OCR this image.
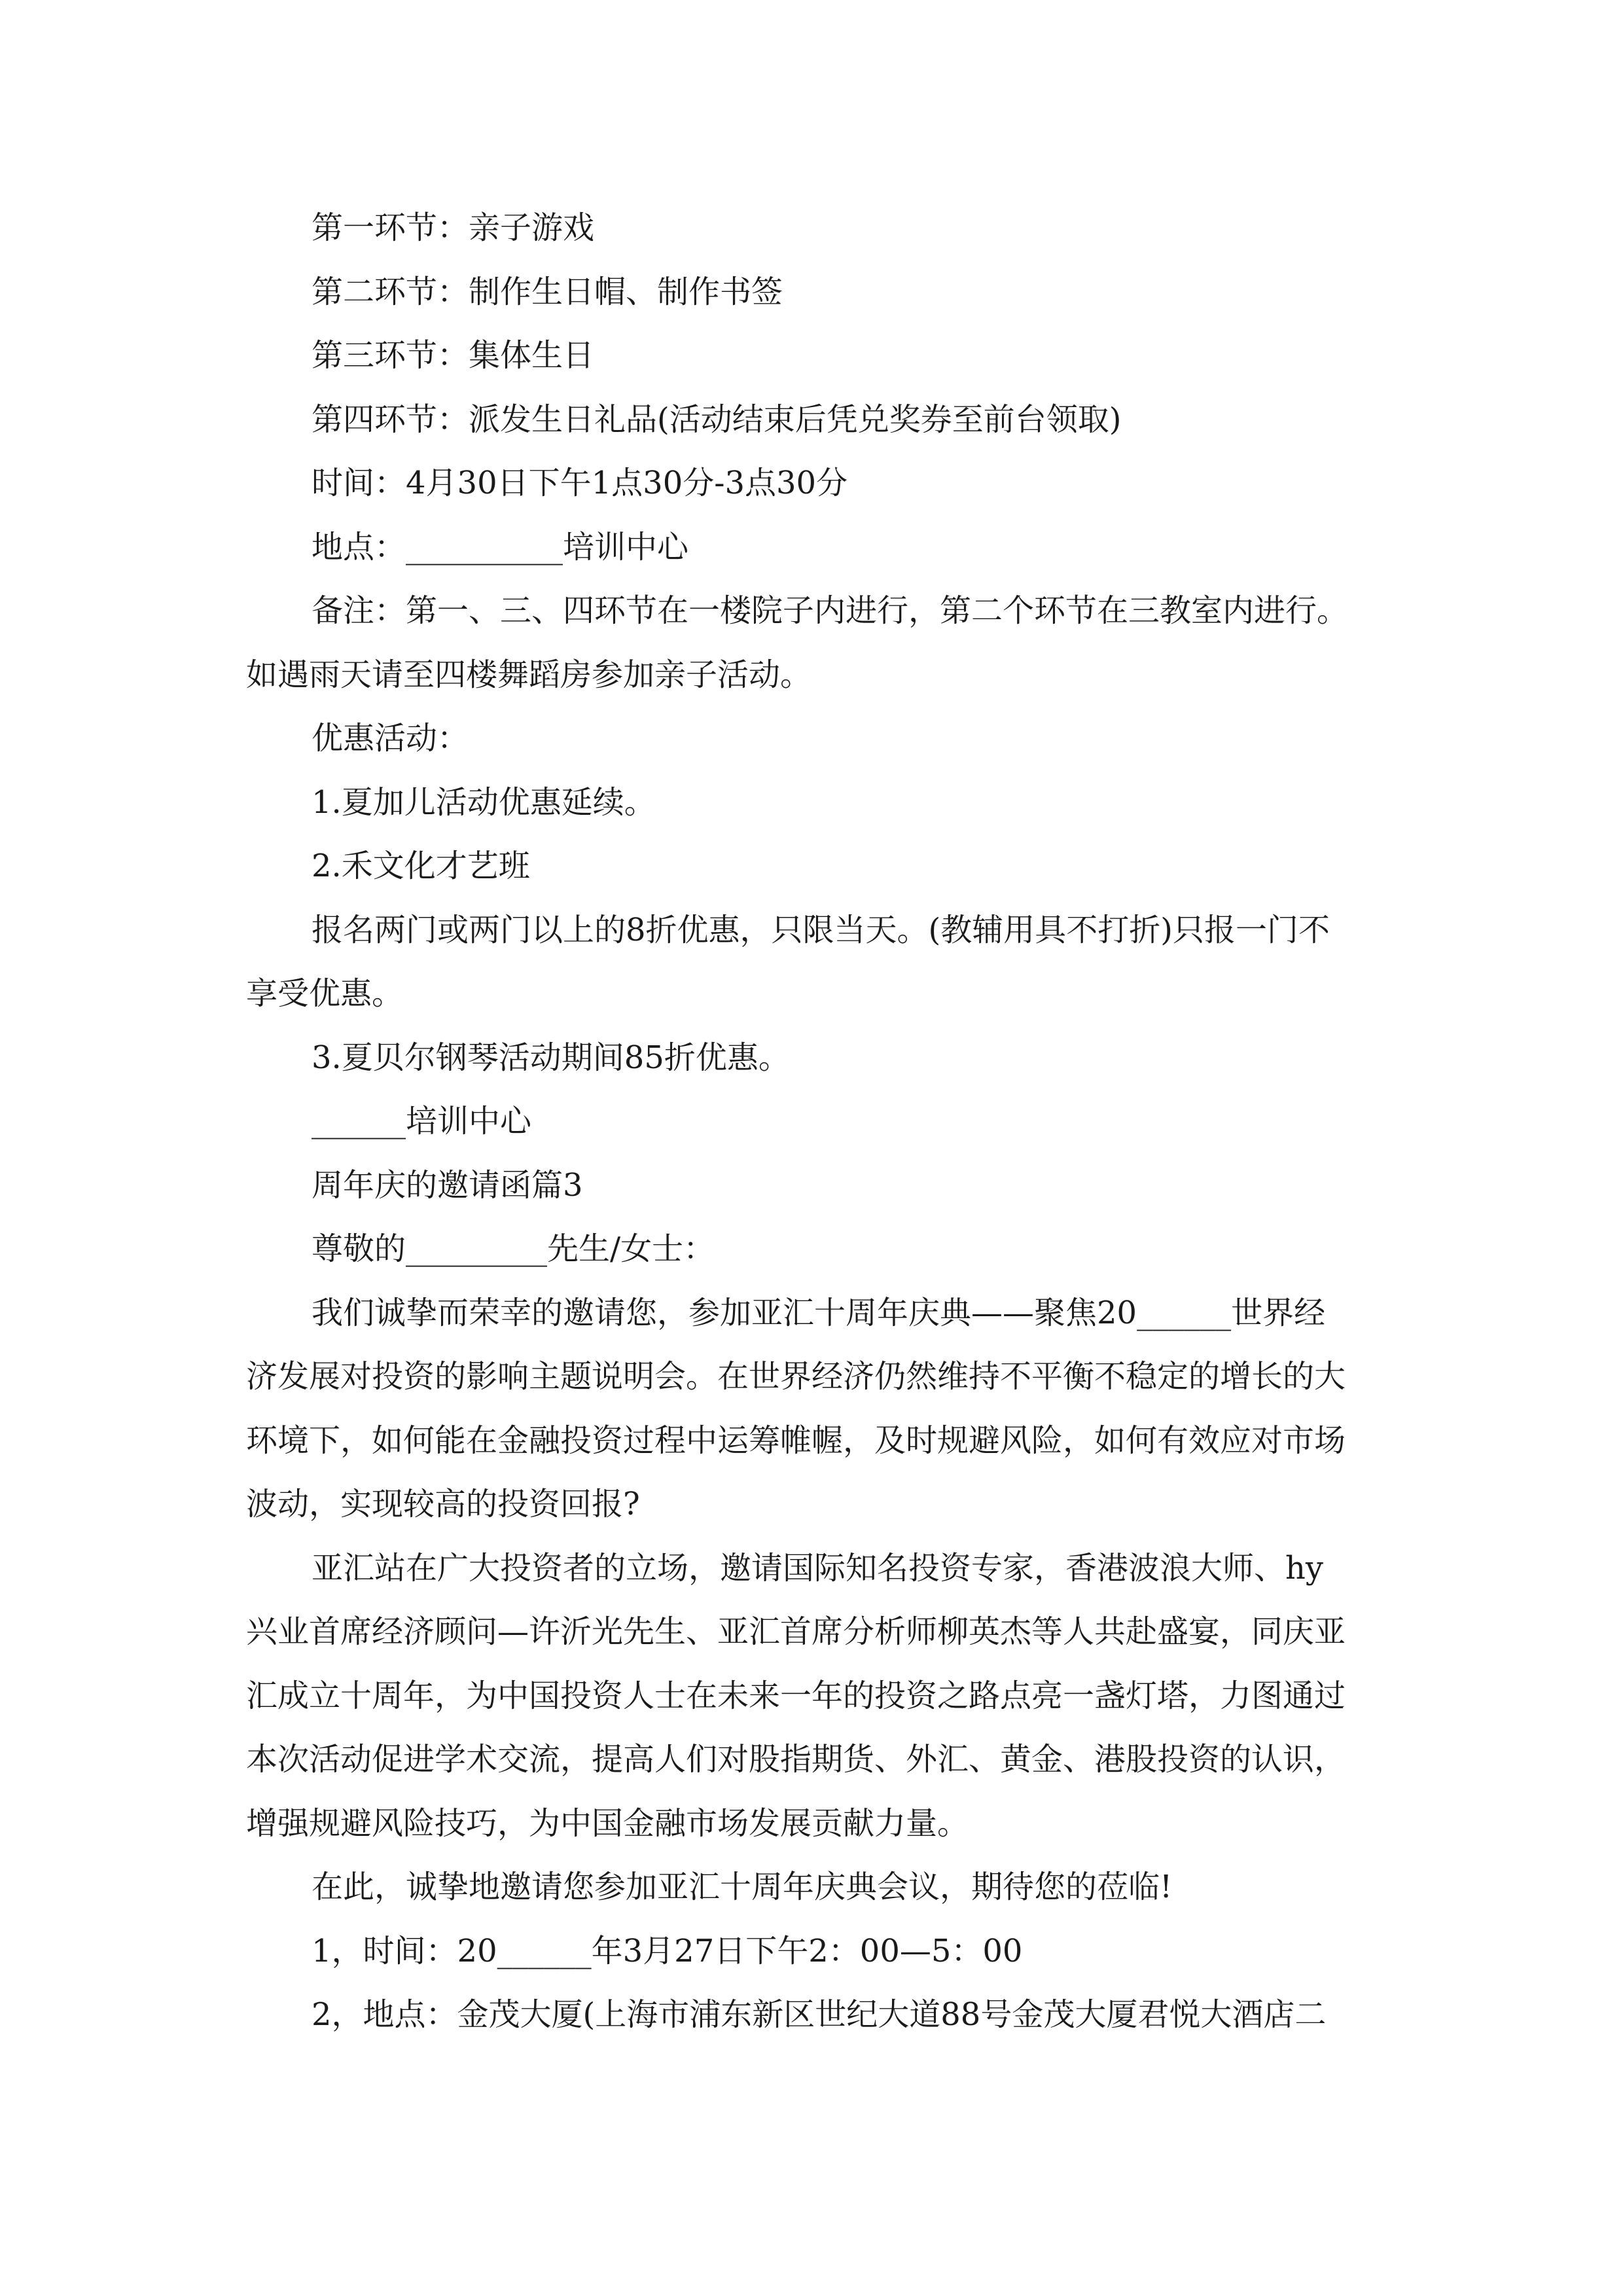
第一环节：亲子游戏
第二环节：制作生日帽、制作书签
第三环节：集体生日
第四环节：派发生日礼品(活动结束后凭兑奖券至前台领取)
时间：4月30日下午1点30分-3点30分
地点：__________培训中心
备注：第一、三、四环节在一楼院子内进行，第二个环节在三教室内进行。
如遇雨天请至四楼舞蹈房参加亲子活动。
优惠活动：
1.夏加儿活动优惠延续。
2.禾文化才艺班
报名两门或两门以上的8折优惠，只限当天。(教辅用具不打折)只报一门不
享受优惠。
3.夏贝尔钢琴活动期间85折优惠。
______培训中心
周年庆的邀请函篇3
尊敬的_________先生/女士：
我们诚挚而荣幸的邀请您，参加亚汇十周年庆典——聚焦20______世界经
济发展对投资的影响主题说明会。在世界经济仍然维持不平衡不稳定的增长的大
环境下，如何能在金融投资过程中运筹帷幄，及时规避风险，如何有效应对市场
波动，实现较高的投资回报?
亚汇站在广大投资者的立场，邀请国际知名投资专家，香港波浪大师、hy
兴业首席经济顾问—许沂光先生、亚汇首席分析师柳英杰等人共赴盛宴，同庆亚
汇成立十周年，为中国投资人士在未来一年的投资之路点亮一盏灯塔，力图通过
本次活动促进学术交流，提高人们对股指期货、外汇、黄金、港股投资的认识，
增强规避风险技巧，为中国金融市场发展贡献力量。
在此，诚挚地邀请您参加亚汇十周年庆典会议，期待您的莅临!
1，时间：20______年3月27日下午2：00—5：00
2，地点：金茂大厦(上海市浦东新区世纪大道88号金茂大厦君悦大酒店二
